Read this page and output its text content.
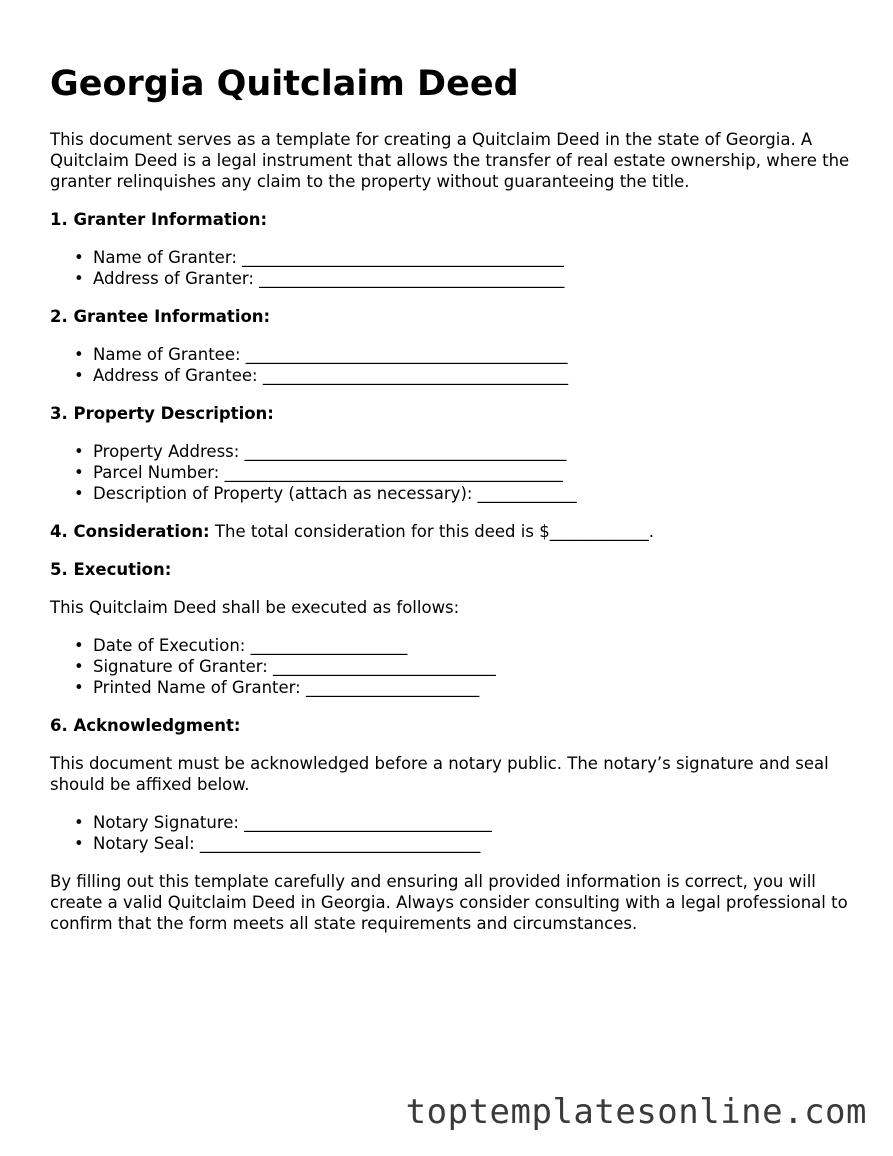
Georgia Quitclaim Deed

This document serves as a template for creating a Quitclaim Deed in the state of Georgia. A Quitclaim Deed is a legal instrument that allows the transfer of real estate ownership, where the granter relinquishes any claim to the property without guaranteeing the title.

1. Granter Information:
• Name of Granter: _______________________________________
• Address of Granter: _____________________________________
2. Grantee Information:
• Name of Grantee: _______________________________________
• Address of Grantee: _____________________________________
3. Property Description:
• Property Address: _______________________________________
• Parcel Number: _________________________________________
• Description of Property (attach as necessary): ____________

4. Consideration: The total consideration for this deed is $____________.

5. Execution:

This Quitclaim Deed shall be executed as follows:

• Date of Execution: ___________________
• Signature of Granter: ___________________________
• Printed Name of Granter: _____________________
6. Acknowledgment:

This document must be acknowledged before a notary public. The notary’s signature and seal should be affixed below.

• Notary Signature: ______________________________
• Notary Seal: __________________________________

By filling out this template carefully and ensuring all provided information is correct, you will create a valid Quitclaim Deed in Georgia. Always consider consulting with a legal professional to confirm that the form meets all state requirements and circumstances.

toptemplatesonline.com
